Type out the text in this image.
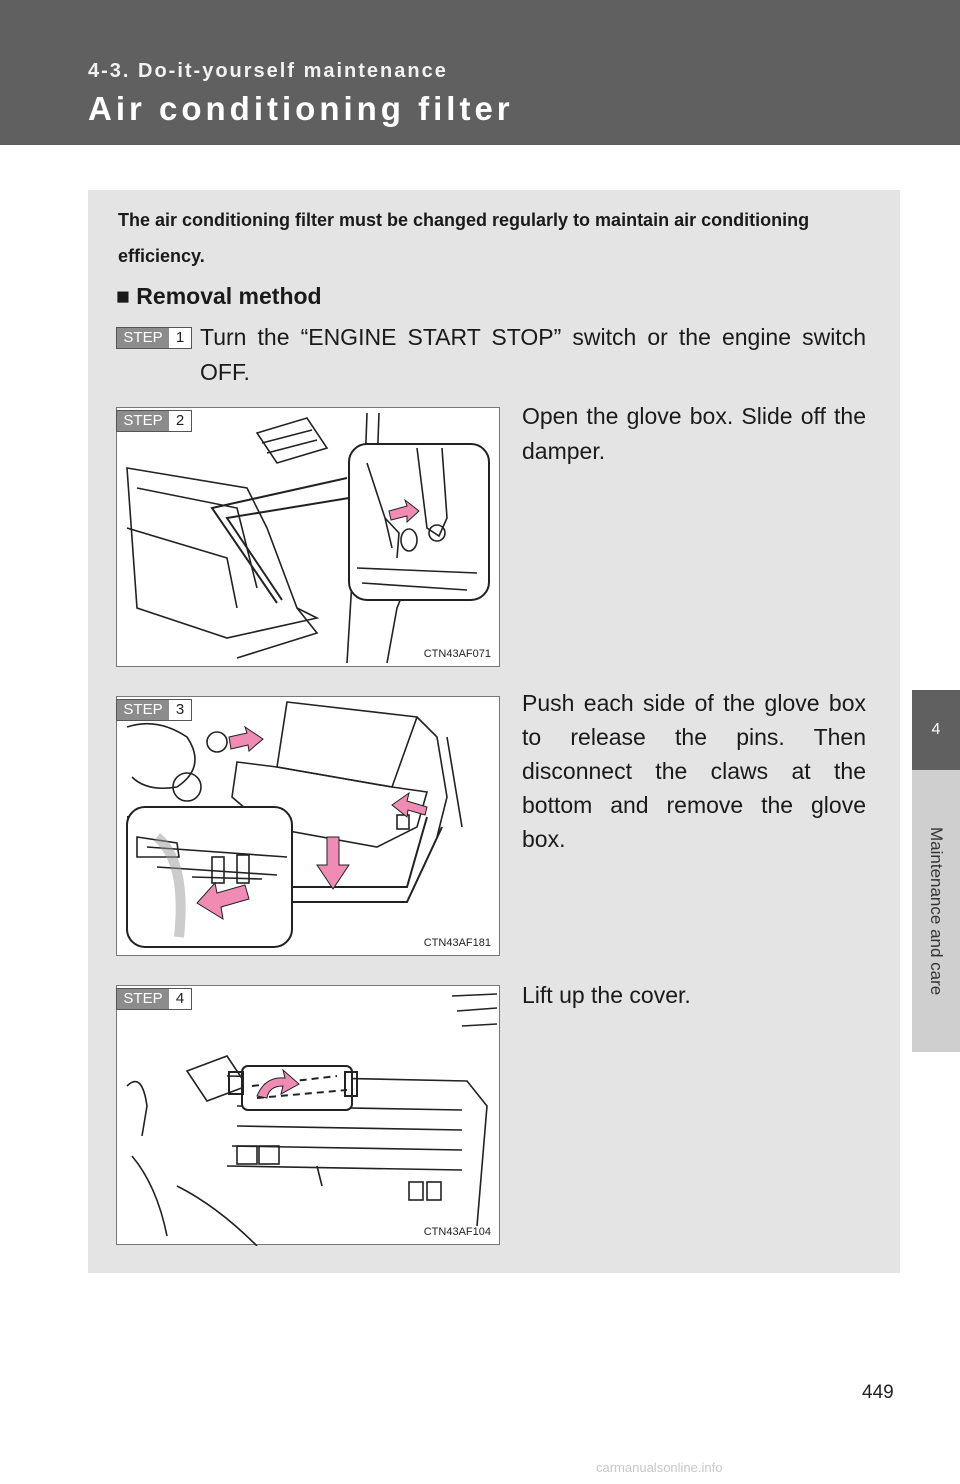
4-3. Do-it-yourself maintenance
Air conditioning filter
4
Maintenance and care
The air conditioning filter must be changed regularly to maintain air conditioning efficiency.
■ Removal method
STEP 1 Turn the “ENGINE START STOP” switch or the engine switch OFF.
CTN43AF071
STEP 2	Open the glove box. Slide off the damper.
CTN43AF181
STEP 3	Push each side of the glove box to release the pins. Then disconnect the claws at the bottom and remove the glove box.
CTN43AF104
STEP 4	Lift up the cover.
449
carmanualsonline.info
